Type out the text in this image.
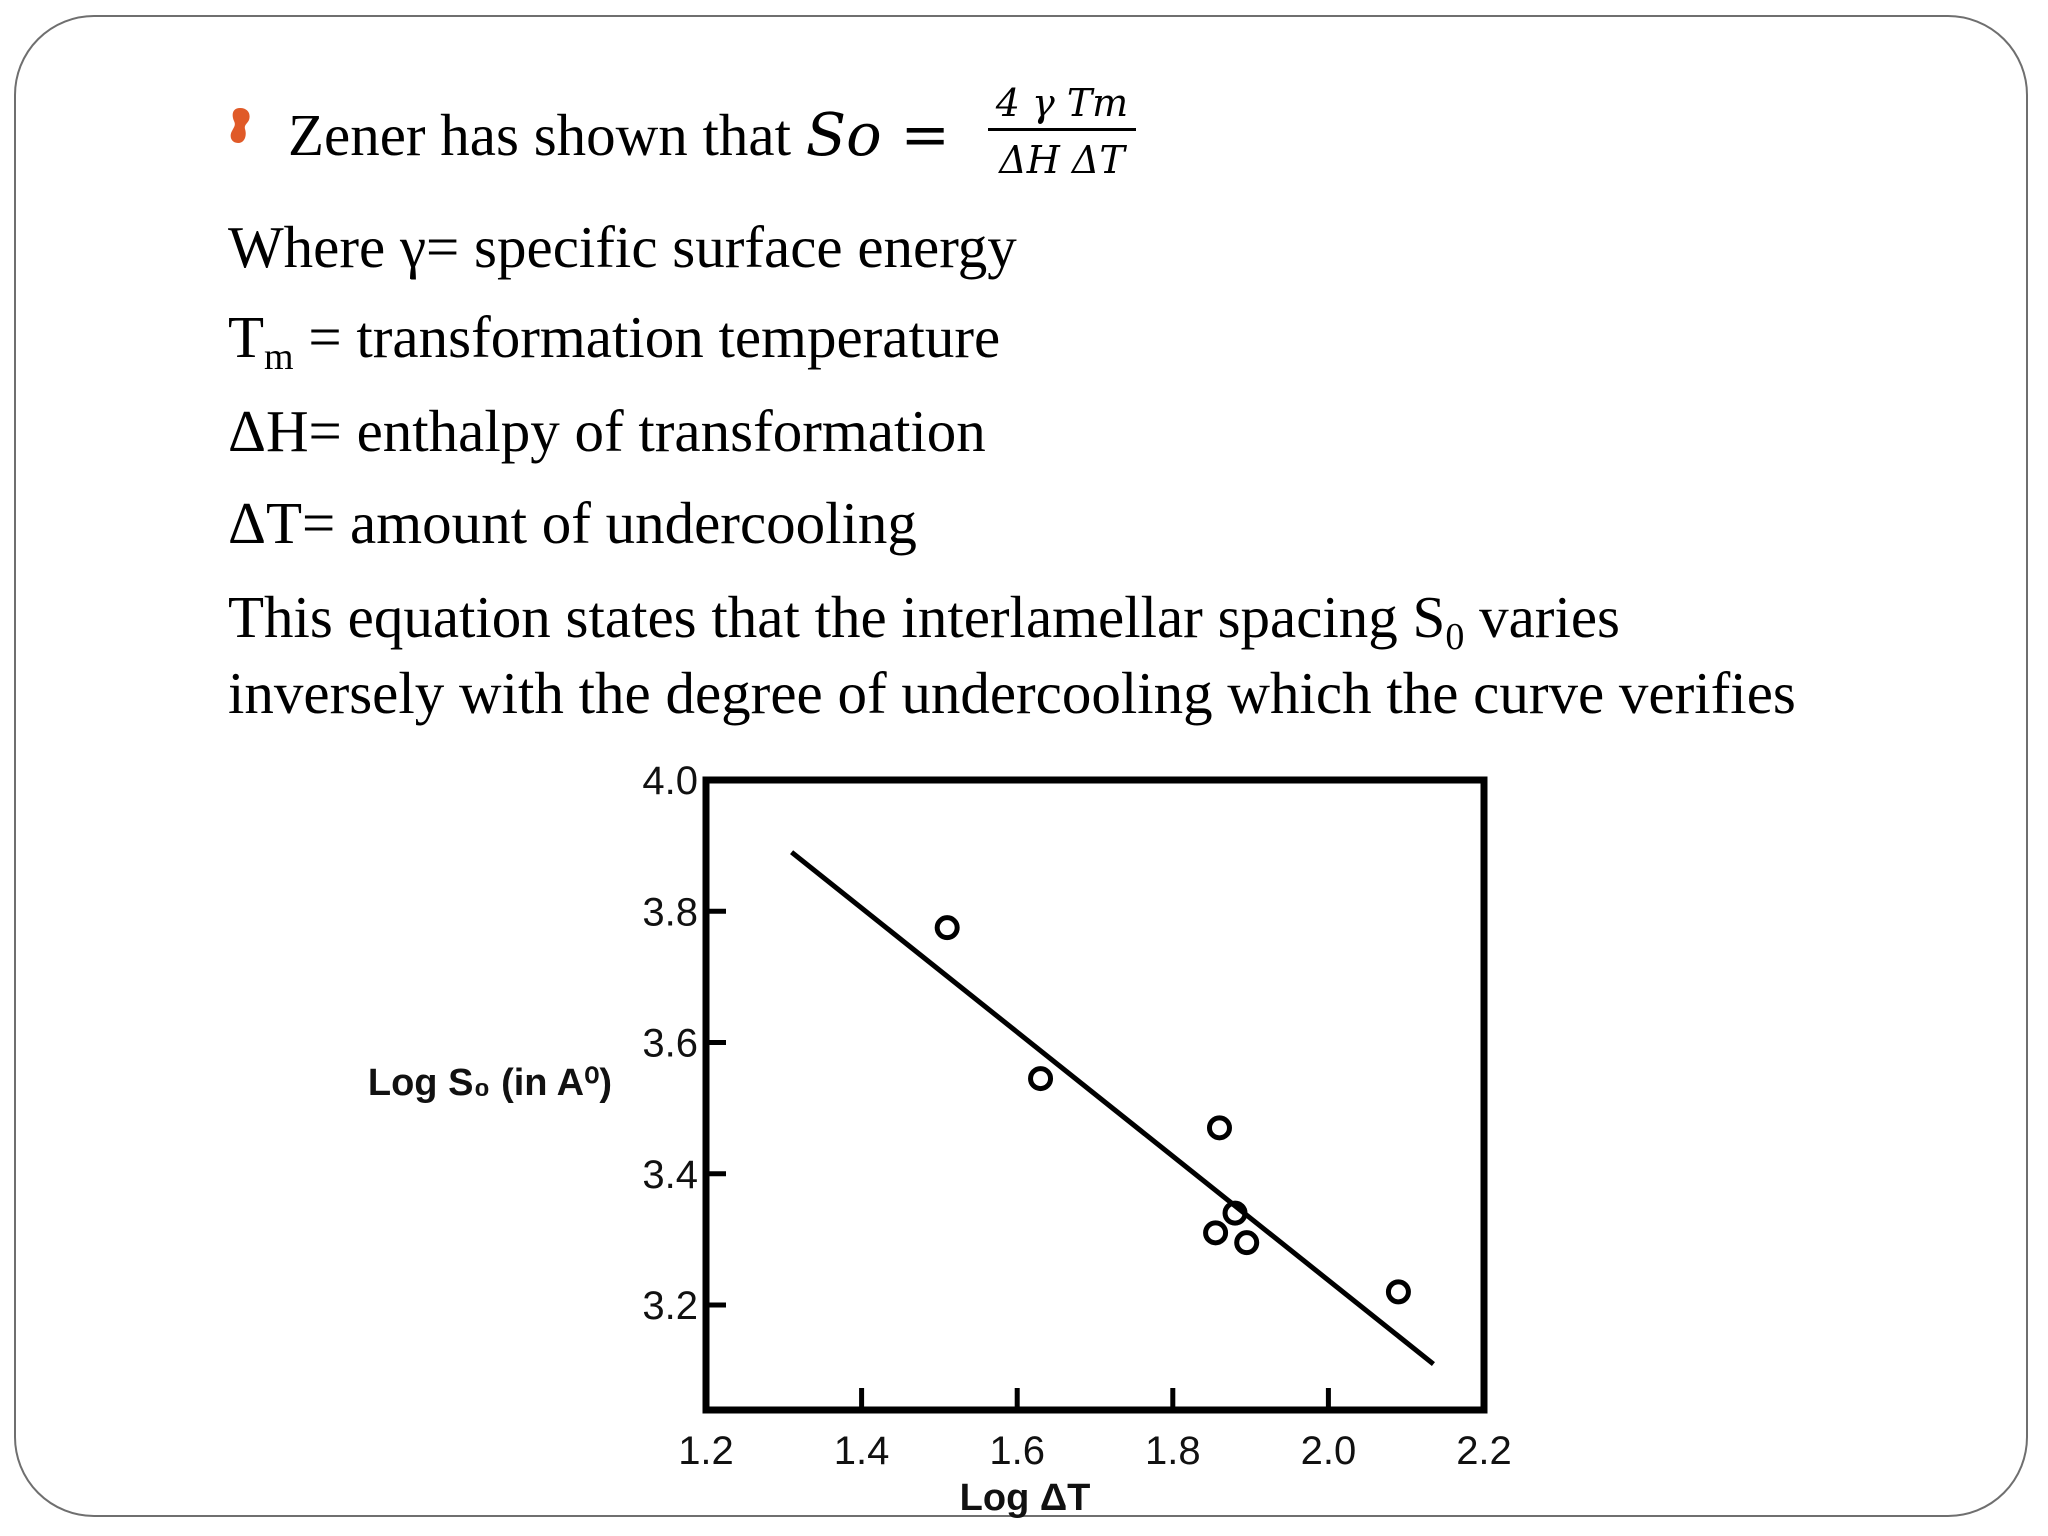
Zener has shown that So = 4 γ Tm
ΔH ΔT
Where γ= specific surface energy
$T_m$ = transformation temperature
ΔH= enthalpy of transformation
ΔT= amount of undercooling
This equation states that the interlamellar spacing $S_0$ varies
inversely with the degree of undercooling which the curve verifies
4.0
3.8
3.6
3.4
3.2
1.2 1.4 1.6 1.8 2.0 2.2
Log ΔT
Log S₀ (in A⁰)
